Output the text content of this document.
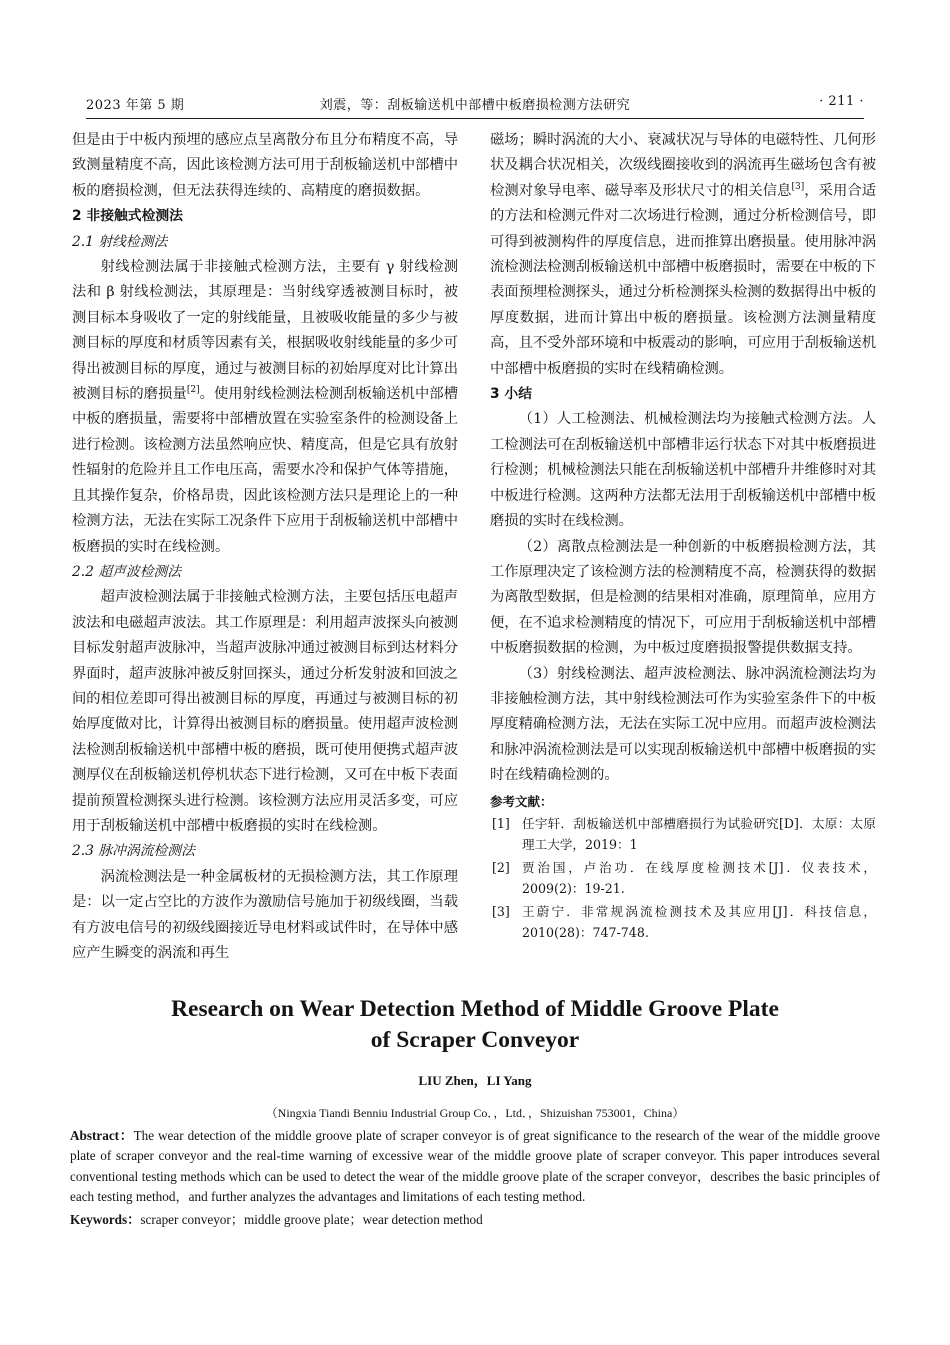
2023 年第 5 期	刘震，等：刮板输送机中部槽中板磨损检测方法研究	· 211 ·

但是由于中板内预埋的感应点呈离散分布且分布精度不高，导致测量精度不高，因此该检测方法可用于刮板输送机中部槽中板的磨损检测，但无法获得连续的、高精度的磨损数据。

2 非接触式检测法

2.1 射线检测法

射线检测法属于非接触式检测方法，主要有 γ 射线检测法和 β 射线检测法，其原理是：当射线穿透被测目标时，被测目标本身吸收了一定的射线能量，且被吸收能量的多少与被测目标的厚度和材质等因素有关，根据吸收射线能量的多少可得出被测目标的厚度，通过与被测目标的初始厚度对比计算出被测目标的磨损量[2]。使用射线检测法检测刮板输送机中部槽中板的磨损量，需要将中部槽放置在实验室条件的检测设备上进行检测。该检测方法虽然响应快、精度高，但是它具有放射性辐射的危险并且工作电压高，需要水冷和保护气体等措施，且其操作复杂，价格昂贵，因此该检测方法只是理论上的一种检测方法，无法在实际工况条件下应用于刮板输送机中部槽中板磨损的实时在线检测。

2.2 超声波检测法

超声波检测法属于非接触式检测方法，主要包括压电超声波法和电磁超声波法。其工作原理是：利用超声波探头向被测目标发射超声波脉冲，当超声波脉冲通过被测目标到达材料分界面时，超声波脉冲被反射回探头，通过分析发射波和回波之间的相位差即可得出被测目标的厚度，再通过与被测目标的初始厚度做对比，计算得出被测目标的磨损量。使用超声波检测法检测刮板输送机中部槽中板的磨损，既可使用便携式超声波测厚仪在刮板输送机停机状态下进行检测，又可在中板下表面提前预置检测探头进行检测。该检测方法应用灵活多变，可应用于刮板输送机中部槽中板磨损的实时在线检测。

2.3 脉冲涡流检测法

涡流检测法是一种金属板材的无损检测方法，其工作原理是：以一定占空比的方波作为激励信号施加于初级线圈，当载有方波电信号的初级线圈接近导电材料或试件时，在导体中感应产生瞬变的涡流和再生

磁场；瞬时涡流的大小、衰减状况与导体的电磁特性、几何形状及耦合状况相关，次级线圈接收到的涡流再生磁场包含有被检测对象导电率、磁导率及形状尺寸的相关信息[3]，采用合适的方法和检测元件对二次场进行检测，通过分析检测信号，即可得到被测构件的厚度信息，进而推算出磨损量。使用脉冲涡流检测法检测刮板输送机中部槽中板磨损时，需要在中板的下表面预埋检测探头，通过分析检测探头检测的数据得出中板的厚度数据，进而计算出中板的磨损量。该检测方法测量精度高，且不受外部环境和中板震动的影响，可应用于刮板输送机中部槽中板磨损的实时在线精确检测。

3 小结

（1）人工检测法、机械检测法均为接触式检测方法。人工检测法可在刮板输送机中部槽非运行状态下对其中板磨损进行检测；机械检测法只能在刮板输送机中部槽升井维修时对其中板进行检测。这两种方法都无法用于刮板输送机中部槽中板磨损的实时在线检测。

（2）离散点检测法是一种创新的中板磨损检测方法，其工作原理决定了该检测方法的检测精度不高，检测获得的数据为离散型数据，但是检测的结果相对准确，原理简单，应用方便，在不追求检测精度的情况下，可应用于刮板输送机中部槽中板磨损数据的检测，为中板过度磨损报警提供数据支持。

（3）射线检测法、超声波检测法、脉冲涡流检测法均为非接触检测方法，其中射线检测法可作为实验室条件下的中板厚度精确检测方法，无法在实际工况中应用。而超声波检测法和脉冲涡流检测法是可以实现刮板输送机中部槽中板磨损的实时在线精确检测的。

参考文献：
[1] 任宇轩．刮板输送机中部槽磨损行为试验研究[D]．太原：太原理工大学，2019：1
[2] 贾治国，卢治功．在线厚度检测技术[J]．仪表技术，2009(2)：19-21.
[3] 王蔚宁．非常规涡流检测技术及其应用[J]．科技信息，2010(28)：747-748.

Research on Wear Detection Method of Middle Groove Plate
of Scraper Conveyor

LIU Zhen，LI Yang

（Ningxia Tiandi Benniu Industrial Group Co．，Ltd．，Shizuishan 753001，China）

Abstract：The wear detection of the middle groove plate of scraper conveyor is of great significance to the research of the wear of the middle groove plate of scraper conveyor and the real-time warning of excessive wear of the middle groove plate of scraper conveyor. This paper introduces several conventional testing methods which can be used to detect the wear of the middle groove plate of the scraper conveyor，describes the basic principles of each testing method，and further analyzes the advantages and limitations of each testing method.

Keywords：scraper conveyor；middle groove plate；wear detection method
